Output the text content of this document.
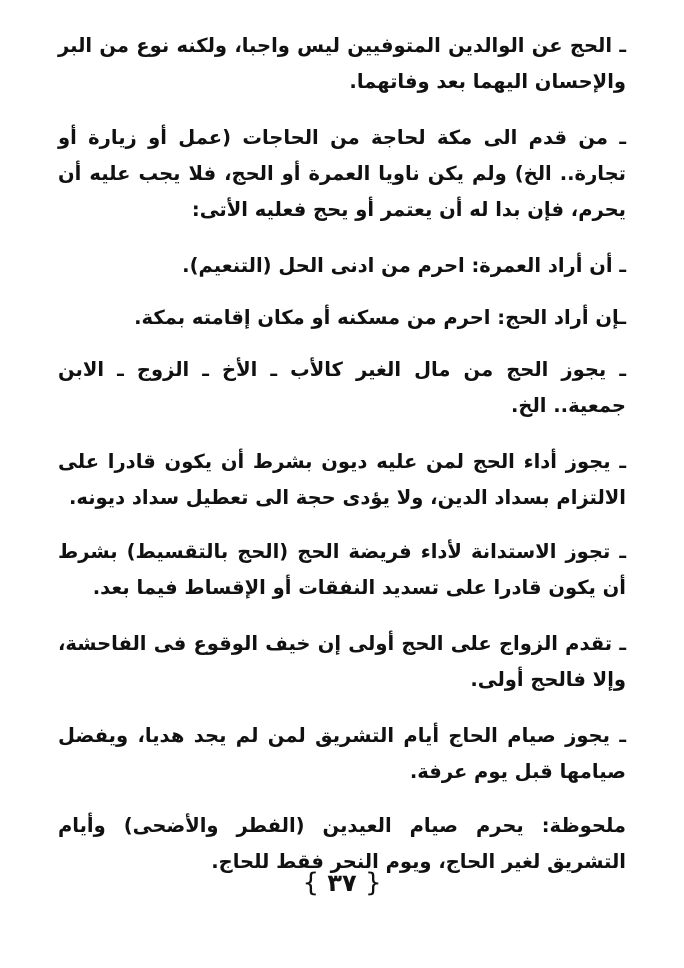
ـ الحج عن الوالدين المتوفيين ليس واجبا، ولكنه نوع من البر والإحسان اليهما بعد وفاتهما.

ـ من قدم الى مكة لحاجة من الحاجات (عمل أو زيارة أو تجارة.. الخ) ولم يكن ناويا العمرة أو الحج، فلا يجب عليه أن يحرم، فإن بدا له أن يعتمر أو يحج فعليه الأتى:

ـ أن أراد العمرة: احرم من ادنى الحل (التنعيم).

ـإن أراد الحج: احرم من مسكنه أو مكان إقامته بمكة.

ـ يجوز الحج من مال الغير كالأب ـ الأخ ـ الزوج ـ الابن جمعية.. الخ.

ـ يجوز أداء الحج لمن عليه ديون بشرط أن يكون قادرا على الالتزام بسداد الدين، ولا يؤدى حجة الى تعطيل سداد ديونه.

ـ تجوز الاستدانة لأداء فريضة الحج (الحج بالتقسيط) بشرط أن يكون قادرا على تسديد النفقات أو الإقساط فيما بعد.

ـ تقدم الزواج على الحج أولى إن خيف الوقوع فى الفاحشة، وإلا فالحج أولى.

ـ يجوز صيام الحاج أيام التشريق لمن لم يجد هديا، ويفضل صيامها قبل يوم عرفة.

ملحوظة: يحرم صيام العيدين (الفطر والأضحى) وأيام التشريق لغير الحاج، ويوم النحر فقط للحاج.

{ ٣٧ }
